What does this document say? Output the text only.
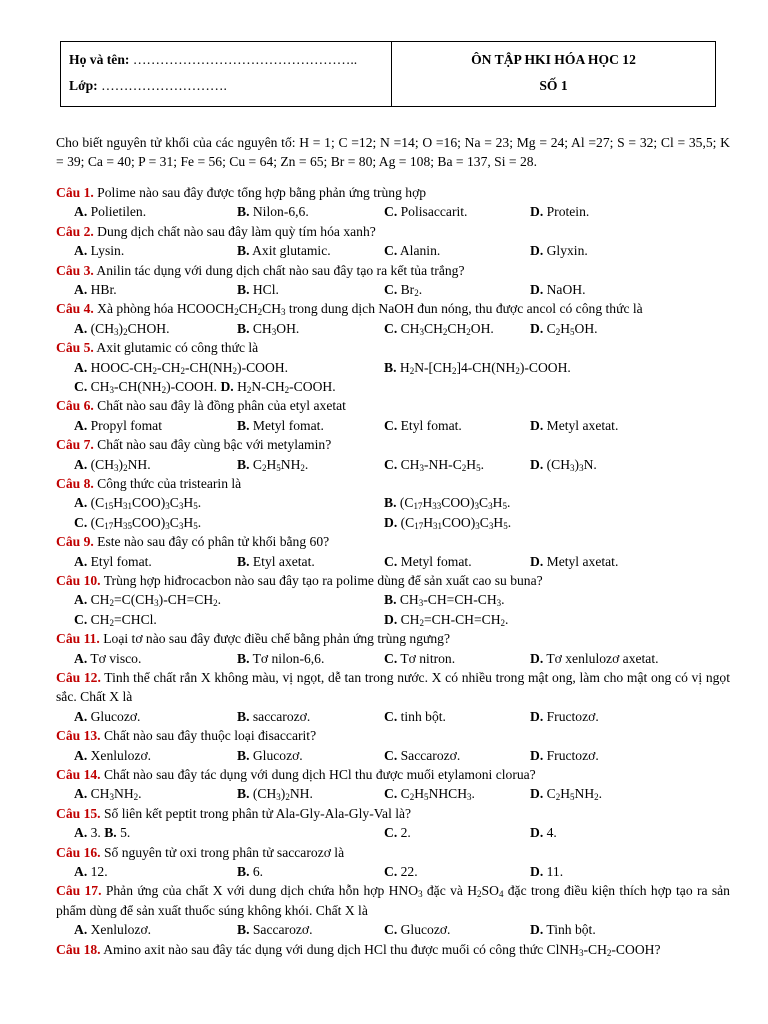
Họ và tên: …………………………………………..
Lớp: ……………………….
ÔN TẬP HKI HÓA HỌC 12
SỐ 1
Cho biết nguyên tử khối của các nguyên tố: H = 1; C =12; N =14; O =16; Na = 23; Mg = 24; Al =27; S = 32; Cl = 35,5; K = 39; Ca = 40; P = 31; Fe = 56; Cu = 64; Zn = 65; Br = 80; Ag = 108; Ba = 137, Si = 28.
Câu 1. Polime nào sau đây được tổng hợp bằng phản ứng trùng hợp
A. Polietilen.	B. Nilon-6,6.	C. Polisaccarit.	D. Protein.
Câu 2. Dung dịch chất nào sau đây làm quỳ tím hóa xanh?
A. Lysin.	B. Axit glutamic.	C. Alanin.	D. Glyxin.
Câu 3. Anilin tác dụng với dung dịch chất nào sau đây tạo ra kết tủa trắng?
A. HBr.	B. HCl.	C. $Br_2$.	D. NaOH.
Câu 4. Xà phòng hóa $HCOOCH_2CH_2CH_3$ trong dung dịch NaOH đun nóng, thu được ancol có công thức là
A. $(CH_3)_2CHOH$.	B. $CH_3OH$.	C. $CH_3CH_2CH_2OH$.	D. $C_2H_5OH$.
Câu 5. Axit glutamic có công thức là
A. HOOC-$CH_2-CH_2-CH(NH_2)$-COOH.	B. $H_2N-[CH_2]4-CH(NH_2)$-COOH.
C. $CH_3-CH(NH_2)$-COOH. D. $H_2N-CH_2$-COOH.
Câu 6. Chất nào sau đây là đồng phân của etyl axetat
A. Propyl fomat	B. Metyl fomat.	C. Etyl fomat.	D. Metyl axetat.
Câu 7. Chất nào sau đây cùng bậc với metylamin?
A. $(CH_3)_2NH$.	B. $C_2H_5NH_2$.	C. $CH_3-NH-C_2H_5$.	D. $(CH_3)_3N$.
Câu 8. Công thức của tristearin là
A. $(C_{15}H_{31}COO)_3C_3H_5$.	B. $(C_{17}H_{33}COO)_3C_3H_5$.
C. $(C_{17}H_{35}COO)_3C_3H_5$.	D. $(C_{17}H_{31}COO)_3C_3H_5$.
Câu 9. Este nào sau đây có phân tử khối bằng 60?
A. Etyl fomat.	B. Etyl axetat.	C. Metyl fomat.	D. Metyl axetat.
Câu 10. Trùng hợp hiđrocacbon nào sau đây tạo ra polime dùng để sản xuất cao su buna?
A. $CH_2=C(CH_3)-CH=CH_2$.	B. $CH_3-CH=CH-CH_3$.
C. $CH_2=CHCl$.	D. $CH_2=CH-CH=CH_2$.
Câu 11. Loại tơ nào sau đây được điều chế bằng phản ứng trùng ngưng?
A. Tơ visco.	B. Tơ nilon-6,6.	C. Tơ nitron.	D. Tơ xenlulozơ axetat.
Câu 12. Tinh thể chất rắn X không màu, vị ngọt, dễ tan trong nước. X có nhiều trong mật ong, làm cho mật ong có vị ngọt sắc. Chất X là
A. Glucozơ.	B. saccarozơ.	C. tinh bột.	D. Fructozơ.
Câu 13. Chất nào sau đây thuộc loại đisaccarit?
A. Xenlulozơ.	B. Glucozơ.	C. Saccarozơ.	D. Fructozơ.
Câu 14. Chất nào sau đây tác dụng với dung dịch HCl thu được muối etylamoni clorua?
A. $CH_3NH_2$.	B. $(CH_3)_2NH$.	C. $C_2H_5NHCH_3$.	D. $C_2H_5NH_2$.
Câu 15. Số liên kết peptit trong phân tử Ala-Gly-Ala-Gly-Val là?
A. 3. B. 5.	C. 2.	D. 4.
Câu 16. Số nguyên tử oxi trong phân tử saccarozơ là
A. 12.	B. 6.	C. 22.	D. 11.
Câu 17. Phản ứng của chất X với dung dịch chứa hỗn hợp $HNO_3$ đặc và $H_2SO_4$ đặc trong điều kiện thích hợp tạo ra sản phẩm dùng để sản xuất thuốc súng không khói. Chất X là
A. Xenlulozơ.	B. Saccarozơ.	C. Glucozơ.	D. Tinh bột.
Câu 18. Amino axit nào sau đây tác dụng với dung dịch HCl thu được muối có công thức $ClNH_3-CH_2$-COOH?
